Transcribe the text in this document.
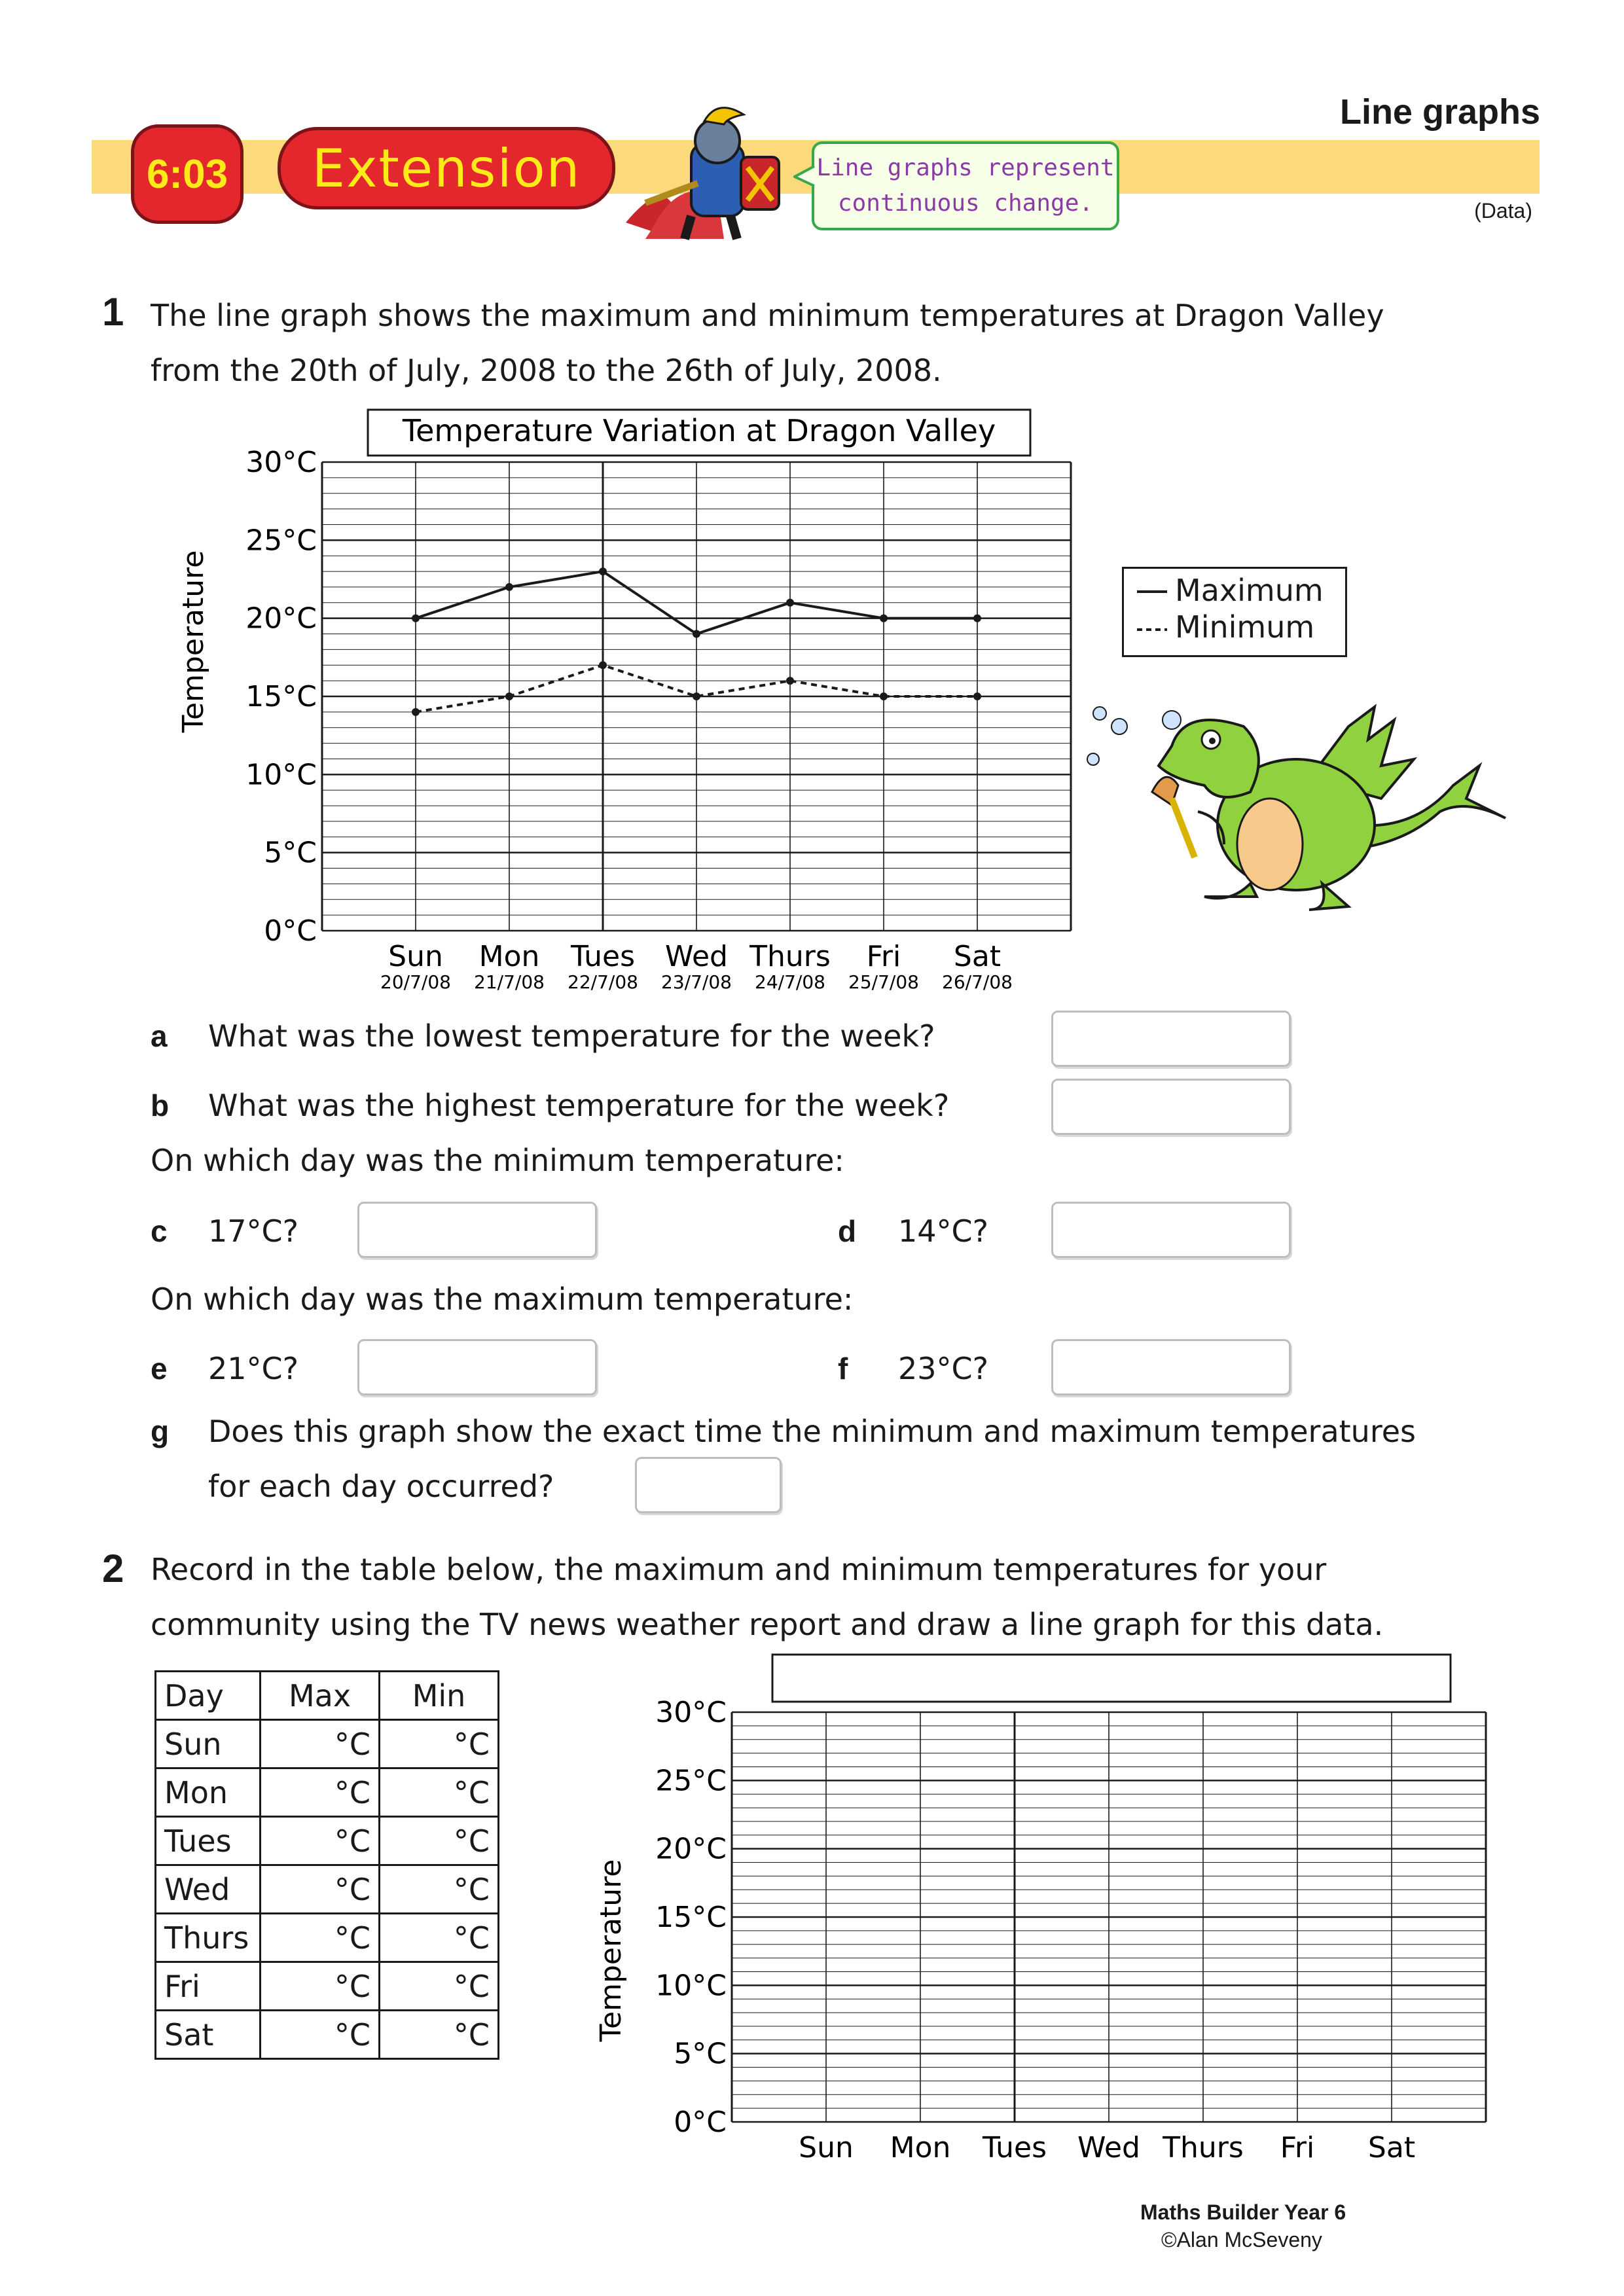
Line graphs
6:03	Extension	Line graphs represent
continuous change.	(Data)
1 The line graph shows the maximum and minimum temperatures at Dragon Valley
from the 20th of July, 2008 to the 26th of July, 2008.
Temperature Variation at Dragon Valley
Temperature
0°C
5°C
10°C
15°C
20°C
25°C
30°C
Sun
20/7/08
Mon
21/7/08
Tues
22/7/08
Wed
23/7/08
Thurs
24/7/08
Fri
25/7/08
Sat
26/7/08
Maximum
Minimum
a What was the lowest temperature for the week?
b What was the highest temperature for the week?
On which day was the minimum temperature:
c 17°C?	d 14°C?
On which day was the maximum temperature:
e 21°C?	f 23°C?
g Does this graph show the exact time the minimum and maximum temperatures
for each day occurred?
2 Record in the table below, the maximum and minimum temperatures for your
community using the TV news weather report and draw a line graph for this data.
Day	Max	Min
Sun	°C	°C
Mon	°C	°C
Tues	°C	°C
Wed	°C	°C
Thurs	°C	°C
Fri	°C	°C
Sat	°C	°C	Temperature
0°C
5°C
10°C
15°C
20°C
25°C
30°C
Sun Mon Tues Wed Thurs Fri Sat
Maths Builder Year 6
©Alan McSeveny
